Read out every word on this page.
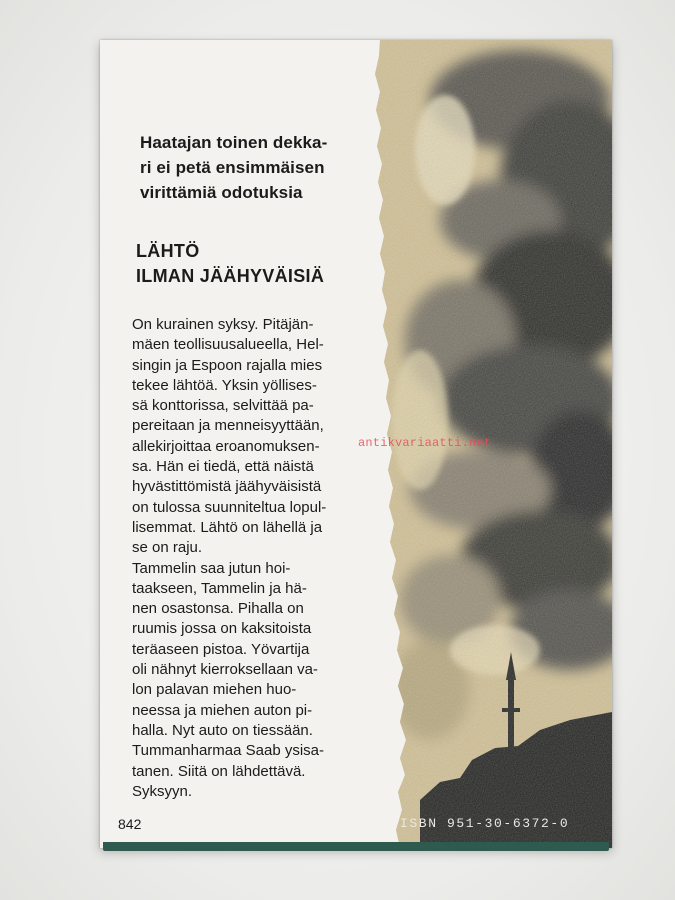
Haatajan toinen dekka-
ri ei petä ensimmäisen
virittämiä odotuksia
LÄHTÖ
ILMAN JÄÄHYVÄISIÄ
On kurainen syksy. Pitäjän-
mäen teollisuusalueella, Hel-
singin ja Espoon rajalla mies
tekee lähtöä. Yksin yöllises-
sä konttorissa, selvittää pa-
pereitaan ja menneisyyttään,
allekirjoittaa eroanomuksen-
sa. Hän ei tiedä, että näistä
hyvästittömistä jäähyväisistä
on tulossa suunniteltua lopul-
lisemmat. Lähtö on lähellä ja
se on raju.
Tammelin saa jutun hoi-
taakseen, Tammelin ja hä-
nen osastonsa. Pihalla on
ruumis jossa on kaksitoista
teräaseen pistoa. Yövartija
oli nähnyt kierroksellaan va-
lon palavan miehen huo-
neessa ja miehen auton pi-
halla. Nyt auto on tiessään.
Tummanharmaa Saab ysisa-
tanen. Siitä on lähdettävä.
Syksyyn.
842	ISBN 951-30-6372-0
antikvariaatti.net
